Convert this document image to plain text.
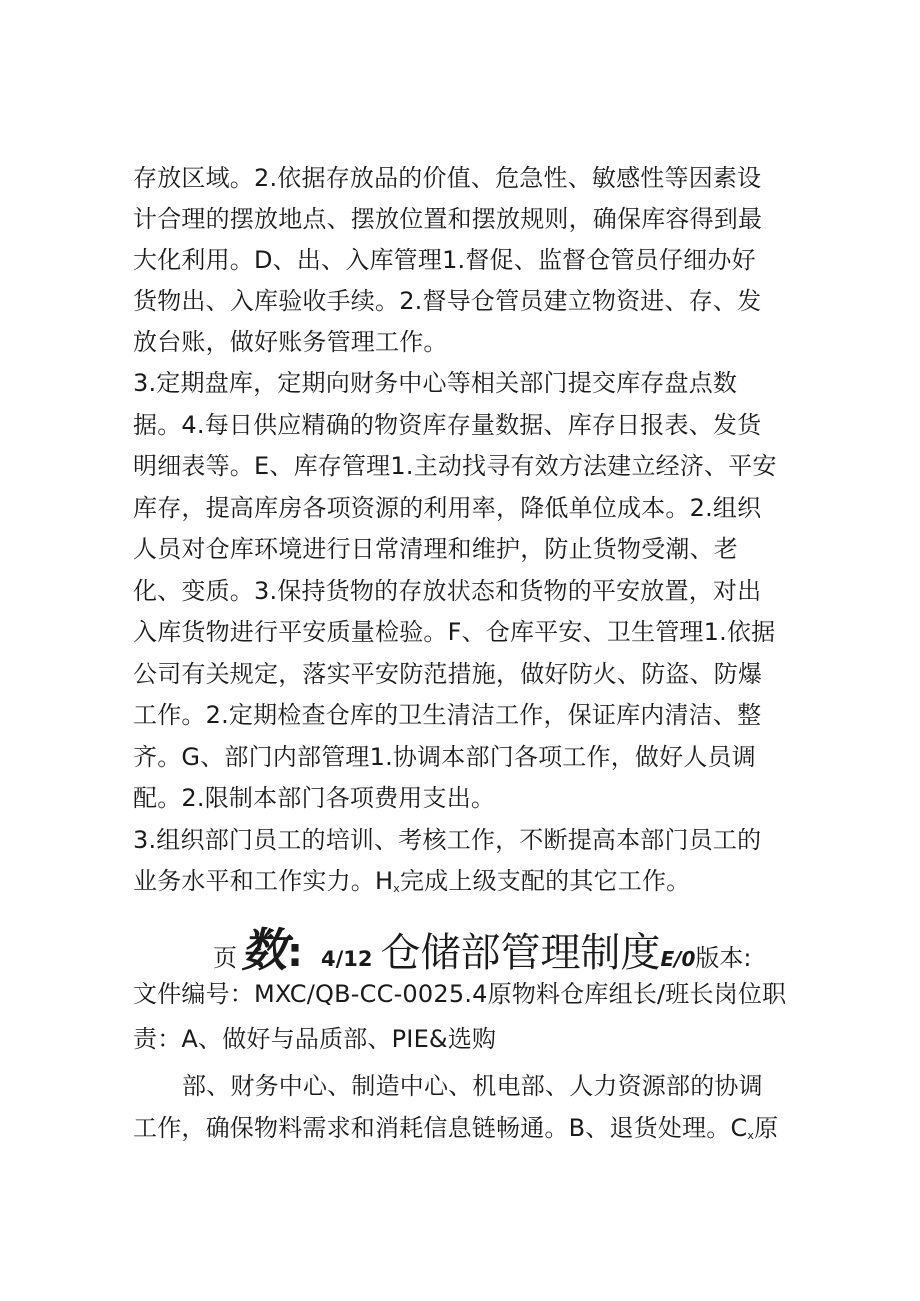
存放区域。2.依据存放品的价值、危急性、敏感性等因素设
计合理的摆放地点、摆放位置和摆放规则，确保库容得到最
大化利用。D、出、入库管理1.督促、监督仓管员仔细办好
货物出、入库验收手续。2.督导仓管员建立物资进、存、发
放台账，做好账务管理工作。
3.定期盘库，定期向财务中心等相关部门提交库存盘点数
据。4.每日供应精确的物资库存量数据、库存日报表、发货
明细表等。E、库存管理1.主动找寻有效方法建立经济、平安
库存，提高库房各项资源的利用率，降低单位成本。2.组织
人员对仓库环境进行日常清理和维护，防止货物受潮、老
化、变质。3.保持货物的存放状态和货物的平安放置，对出
入库货物进行平安质量检验。F、仓库平安、卫生管理1.依据
公司有关规定，落实平安防范措施，做好防火、防盗、防爆
工作。2.定期检查仓库的卫生清洁工作，保证库内清洁、整
齐。G、部门内部管理1.协调本部门各项工作，做好人员调
配。2.限制本部门各项费用支出。
3.组织部门员工的培训、考核工作，不断提高本部门员工的
业务水平和工作实力。$H_x$完成上级支配的其它工作。
页 数 : 4/12 仓储部管理制度 E/0 版本:
文件编号：MXC/QB-CC-0025.4原物料仓库组长/班长岗位职
责：A、做好与品质部、PIE&选购
部、财务中心、制造中心、机电部、人力资源部的协调
工作，确保物料需求和消耗信息链畅通。B、退货处理。$C_x$原
